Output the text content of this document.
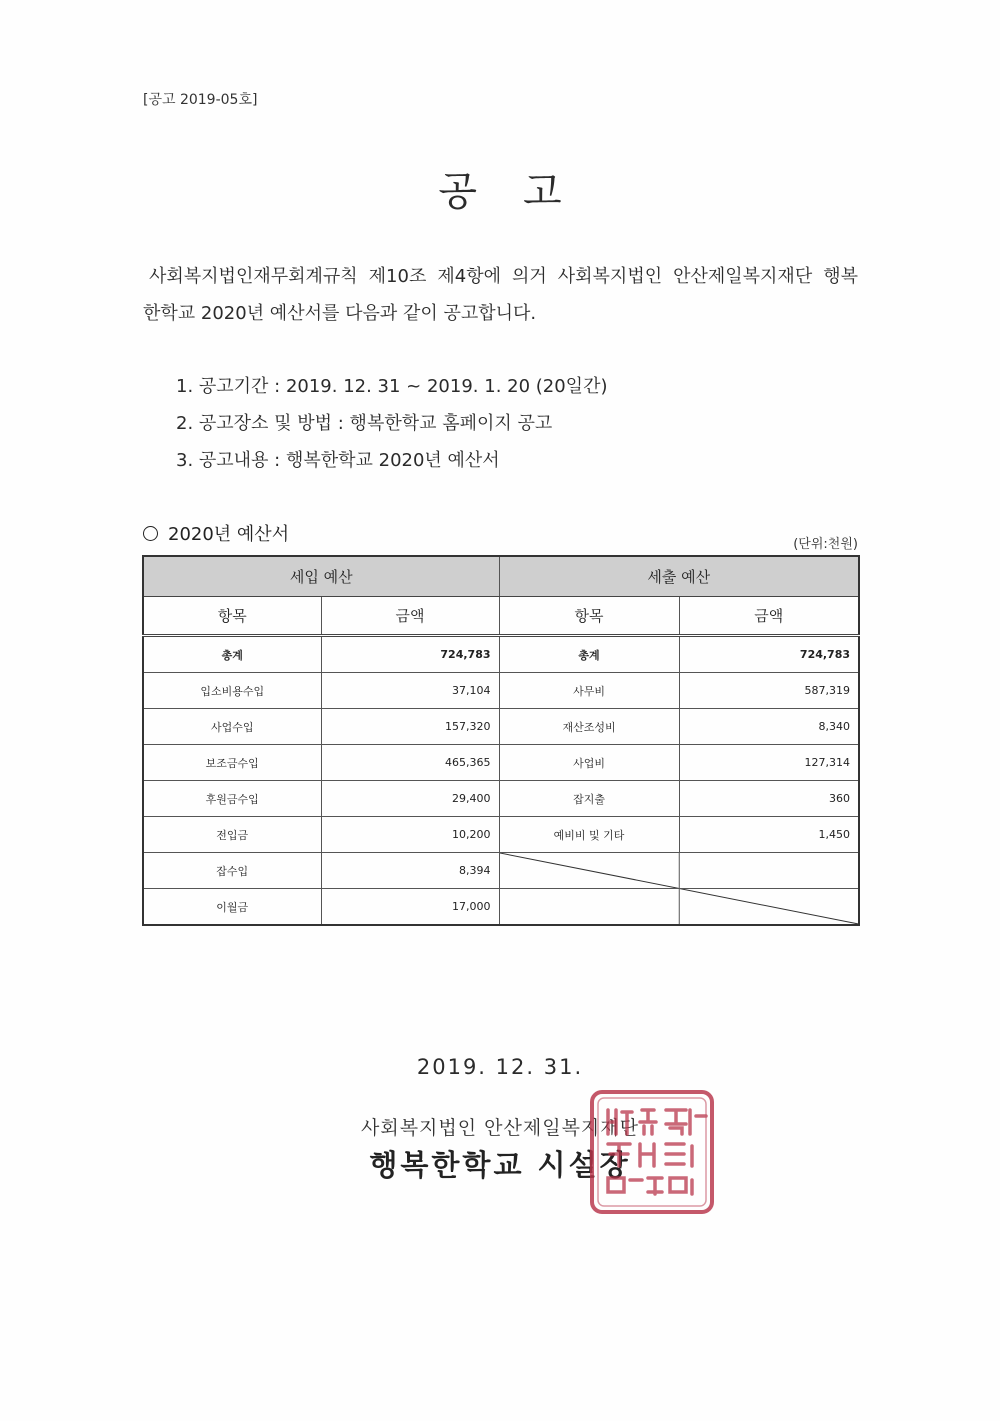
[공고 2019-05호]
공고
사회복지법인재무회계규칙 제10조 제4항에 의거 사회복지법인 안산제일복지재단 행복
한학교 2020년 예산서를 다음과 같이 공고합니다.
1. 공고기간 : 2019. 12. 31 ~ 2019. 1. 20 (20일간)
2. 공고장소 및 방법 : 행복한학교 홈페이지 공고
3. 공고내용 : 행복한학교 2020년 예산서
2020년 예산서	(단위:천원)
세입 예산		세출 예산	
항목	금액	항목	금액
총계	724,783	총계	724,783
입소비용수입	37,104	사무비	587,319
사업수입	157,320	재산조성비	8,340
보조금수입	465,365	사업비	127,314
후원금수입	29,400	잡지출	360
전입금	10,200	예비비 및 기타	1,450
잡수입	8,394	

이월금	17,000		
2019. 12. 31.
사회복지법인 안산제일복지재단
행복한학교 시설장
